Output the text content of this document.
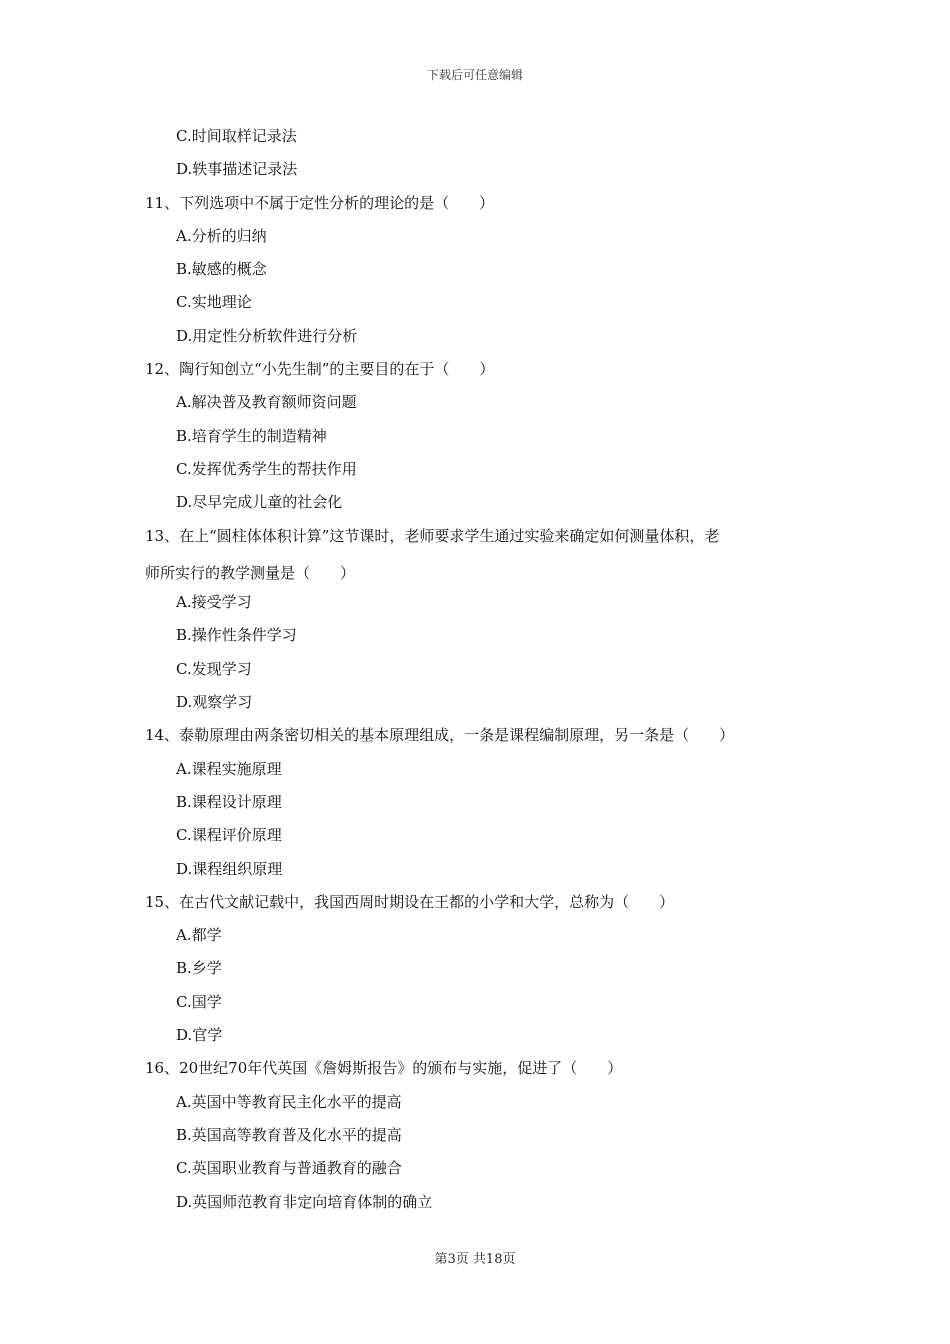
下载后可任意编辑
C.时间取样记录法
D.轶事描述记录法
11、下列选项中不属于定性分析的理论的是（　　）
A.分析的归纳
B.敏感的概念
C.实地理论
D.用定性分析软件进行分析
12、陶行知创立“小先生制”的主要目的在于（　　）
A.解决普及教育额师资问题
B.培育学生的制造精神
C.发挥优秀学生的帮扶作用
D.尽早完成儿童的社会化
13、在上“圆柱体体积计算”这节课时，老师要求学生通过实验来确定如何测量体积，老
师所实行的教学测量是（　　）
A.接受学习
B.操作性条件学习
C.发现学习
D.观察学习
14、泰勒原理由两条密切相关的基本原理组成，一条是课程编制原理，另一条是（　　）
A.课程实施原理
B.课程设计原理
C.课程评价原理
D.课程组织原理
15、在古代文献记载中，我国西周时期设在王都的小学和大学，总称为（　　）
A.都学
B.乡学
C.国学
D.官学
16、20世纪70年代英国《詹姆斯报告》的颁布与实施，促进了（　　）
A.英国中等教育民主化水平的提高
B.英国高等教育普及化水平的提高
C.英国职业教育与普通教育的融合
D.英国师范教育非定向培育体制的确立
第3页 共18页
